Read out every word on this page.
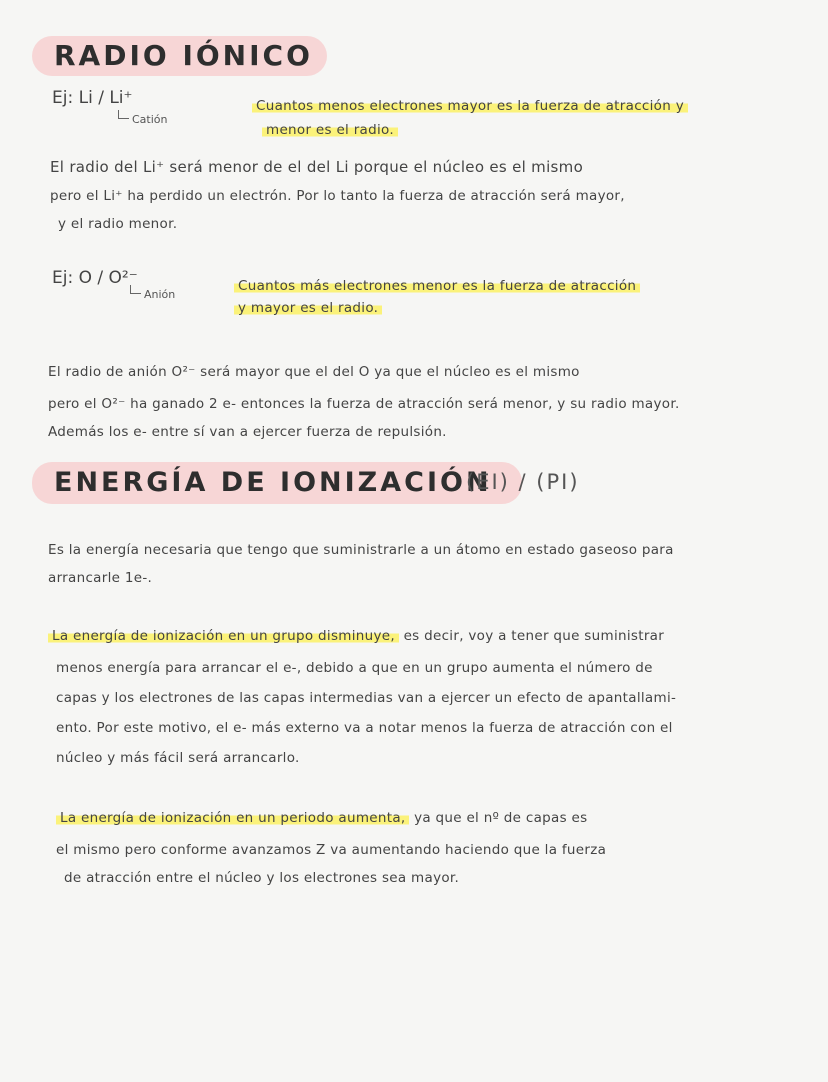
RADIO IÓNICO
Ej: Li / Li⁺
Catión
Cuantos menos electrones mayor es la fuerza de atracción y
menor es el radio.
El radio del Li⁺ será menor de el del Li porque el núcleo es el mismo
pero el Li⁺ ha perdido un electrón. Por lo tanto la fuerza de atracción será mayor,
y el radio menor.
Ej: O / O²⁻
Anión
Cuantos más electrones menor es la fuerza de atracción
y mayor es el radio.
El radio de anión O²⁻ será mayor que el del O ya que el núcleo es el mismo
pero el O²⁻ ha ganado 2 e- entonces la fuerza de atracción será menor, y su radio mayor.
Además los e- entre sí van a ejercer fuerza de repulsión.
ENERGÍA DE IONIZACIÓN
(EI) / (PI)
Es la energía necesaria que tengo que suministrarle a un átomo en estado gaseoso para
arrancarle 1e-.
La energía de ionización en un grupo disminuye, es decir, voy a tener que suministrar
menos energía para arrancar el e-, debido a que en un grupo aumenta el número de
capas y los electrones de las capas intermedias van a ejercer un efecto de apantallami-
ento. Por este motivo, el e- más externo va a notar menos la fuerza de atracción con el
núcleo y más fácil será arrancarlo.
La energía de ionización en un periodo aumenta, ya que el nº de capas es
el mismo pero conforme avanzamos Z va aumentando haciendo que la fuerza
de atracción entre el núcleo y los electrones sea mayor.
